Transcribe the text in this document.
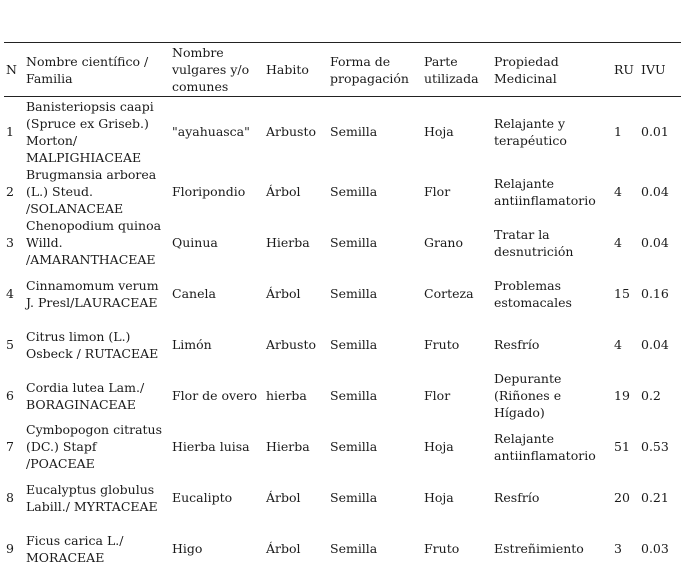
N	Nombre científico / Familia	Nombre vulgares y/o comunes	Habito	Forma de propagación	Parte utilizada	Propiedad Medicinal	RU	IVU
1	Banisteriopsis caapi (Spruce ex Griseb.) Morton/ MALPIGHIACEAE	"ayahuasca"	Arbusto	Semilla	Hoja	Relajante y terapéutico	1	0.01
2	Brugmansia arborea (L.) Steud. /SOLANACEAE	Floripondio	Árbol	Semilla	Flor	Relajante antiinflamatorio	4	0.04
3	Chenopodium quinoa Willd. /AMARANTHACEAE	Quinua	Hierba	Semilla	Grano	Tratar la desnutrición	4	0.04
4	Cinnamomum verum J. Presl/LAURACEAE	Canela	Árbol	Semilla	Corteza	Problemas estomacales	15	0.16
5	Citrus limon (L.) Osbeck / RUTACEAE	Limón	Arbusto	Semilla	Fruto	Resfrío	4	0.04
6	Cordia lutea Lam./ BORAGINACEAE	Flor de overo	hierba	Semilla	Flor	Depurante (Riñones e Hígado)	19	0.2
7	Cymbopogon citratus (DC.) Stapf /POACEAE	Hierba luisa	Hierba	Semilla	Hoja	Relajante antiinflamatorio	51	0.53
8	Eucalyptus globulus Labill./ MYRTACEAE	Eucalipto	Árbol	Semilla	Hoja	Resfrío	20	0.21
9	Ficus carica L./ MORACEAE	Higo	Árbol	Semilla	Fruto	Estreñimiento	3	0.03
